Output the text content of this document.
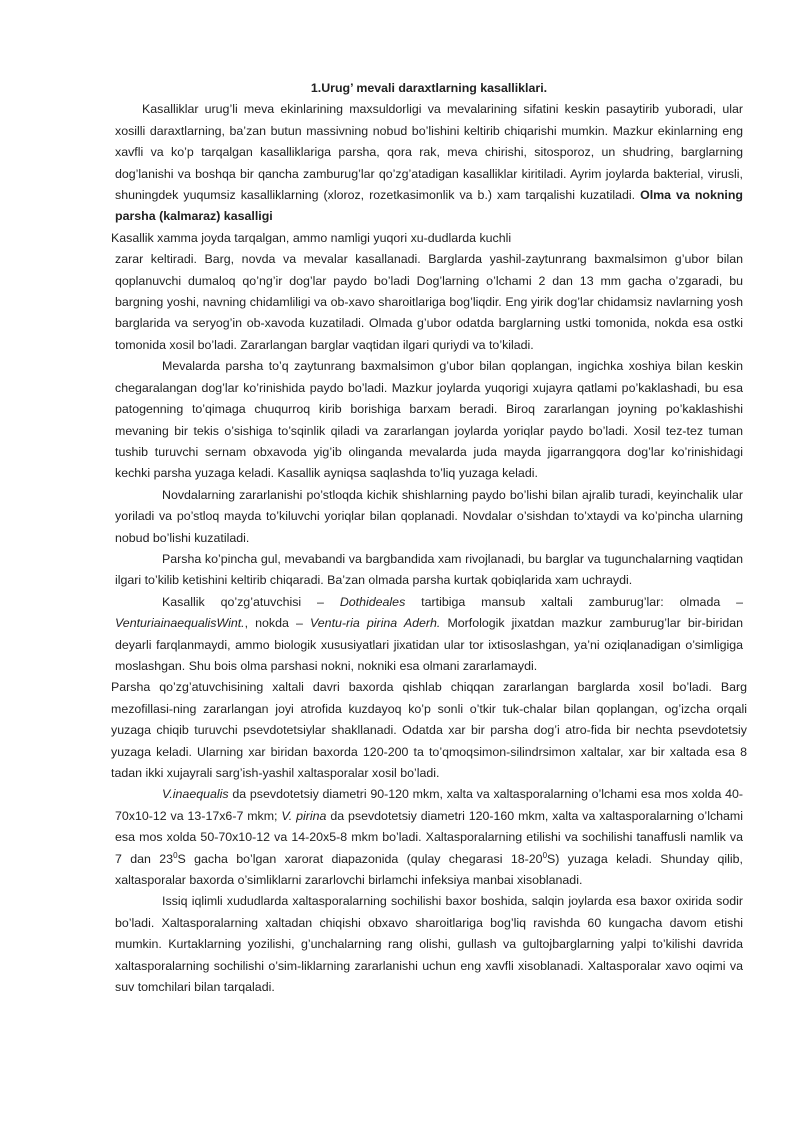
1.Urug’ mevali daraxtlarning kasalliklari.

Kasalliklar urug’li meva ekinlarining maxsuldorligi va mevalarining sifatini keskin pasaytirib yuboradi, ular xosilli daraxtlarning, ba’zan butun massivning nobud bo’lishini keltirib chiqarishi mumkin. Mazkur ekinlarning eng xavfli va ko’p tarqalgan kasalliklariga parsha, qora rak, meva chirishi, sitosporoz, un shudring, barglarning dog’lanishi va boshqa bir qancha zamburug’lar qo’zg’atadigan kasalliklar kiritiladi. Ayrim joylarda bakterial, virusli, shuningdek yuqumsiz kasalliklarning (xloroz, rozetkasimonlik va b.) xam tarqalishi kuzatiladi. Olma va nokning parsha (kalmaraz) kasalligi

Kasallik xamma joyda tarqalgan, ammo namligi yuqori xu-dudlarda kuchli

zarar keltiradi. Barg, novda va mevalar kasallanadi. Barglarda yashil-zaytunrang baxmalsimon g’ubor bilan qoplanuvchi dumaloq qo’ng’ir dog’lar paydo bo’ladi Dog’larning o’lchami 2 dan 13 mm gacha o’zgaradi, bu bargning yoshi, navning chidamliligi va ob-xavo sharoitlariga bog’liqdir. Eng yirik dog’lar chidamsiz navlarning yosh barglarida va seryog’in ob-xavoda kuzatiladi. Olmada g’ubor odatda barglarning ustki tomonida, nokda esa ostki tomonida xosil bo’ladi. Zararlangan barglar vaqtidan ilgari quriydi va to’kiladi.

Mevalarda parsha to’q zaytunrang baxmalsimon g’ubor bilan qoplangan, ingichka xoshiya bilan keskin chegaralangan dog’lar ko’rinishida paydo bo’ladi. Mazkur joylarda yuqorigi xujayra qatlami po’kaklashadi, bu esa patogenning to’qimaga chuqurroq kirib borishiga barxam beradi. Biroq zararlangan joyning po’kaklashishi mevaning bir tekis o’sishiga to’sqinlik qiladi va zararlangan joylarda yoriqlar paydo bo’ladi. Xosil tez-tez tuman tushib turuvchi sernam obxavoda yig’ib olinganda mevalarda juda mayda jigarrangqora dog’lar ko’rinishidagi kechki parsha yuzaga keladi. Kasallik ayniqsa saqlashda to’liq yuzaga keladi.

Novdalarning zararlanishi po’stloqda kichik shishlarning paydo bo’lishi bilan ajralib turadi, keyinchalik ular yoriladi va po’stloq mayda to’kiluvchi yoriqlar bilan qoplanadi. Novdalar o’sishdan to’xtaydi va ko’pincha ularning nobud bo’lishi kuzatiladi.

Parsha ko’pincha gul, mevabandi va bargbandida xam rivojlanadi, bu barglar va tugunchalarning vaqtidan ilgari to’kilib ketishini keltirib chiqaradi. Ba’zan olmada parsha kurtak qobiqlarida xam uchraydi.

Kasallik qo’zg’atuvchisi – Dothideales tartibiga mansub xaltali zamburug’lar: olmada – VenturiainaequalisWint., nokda – Ventu-ria pirina Aderh. Morfologik jixatdan mazkur zamburug’lar bir-biridan deyarli farqlanmaydi, ammo biologik xususiyatlari jixatidan ular tor ixtisoslashgan, ya’ni oziqlanadigan o’simligiga moslashgan. Shu bois olma parshasi nokni, nokniki esa olmani zararlamaydi.

Parsha qo’zg’atuvchisining xaltali davri baxorda qishlab chiqqan zararlangan barglarda xosil bo’ladi. Barg mezofillasi-ning zararlangan joyi atrofida kuzdayoq ko’p sonli o’tkir tuk-chalar bilan qoplangan, og’izcha orqali yuzaga chiqib turuvchi psevdotetsiylar shakllanadi. Odatda xar bir parsha dog’i atro-fida bir nechta psevdotetsiy yuzaga keladi. Ularning xar biridan baxorda 120-200 ta to’qmoqsimon-silindrsimon xaltalar, xar bir xaltada esa 8 tadan ikki xujayrali sarg’ish-yashil xaltasporalar xosil bo’ladi.

V.inaequalis da psevdotetsiy diametri 90-120 mkm, xalta va xaltasporalarning o’lchami esa mos xolda 40-70x10-12 va 13-17x6-7 mkm; V. pirina da psevdotetsiy diametri 120-160 mkm, xalta va xaltasporalarning o’lchami esa mos xolda 50-70x10-12 va 14-20x5-8 mkm bo’ladi. Xaltasporalarning etilishi va sochilishi tanaffusli namlik va 7 dan $23^0S$ gacha bo’lgan xarorat diapazonida (qulay chegarasi $18-20^0S$) yuzaga keladi. Shunday qilib, xaltasporalar baxorda o’simliklarni zararlovchi birlamchi infeksiya manbai xisoblanadi.

Issiq iqlimli xududlarda xaltasporalarning sochilishi baxor boshida, salqin joylarda esa baxor oxirida sodir bo’ladi. Xaltasporalarning xaltadan chiqishi obxavo sharoitlariga bog’liq ravishda 60 kungacha davom etishi mumkin. Kurtaklarning yozilishi, g’unchalarning rang olishi, gullash va gultojbarglarning yalpi to’kilishi davrida xaltasporalarning sochilishi o’sim-liklarning zararlanishi uchun eng xavfli xisoblanadi. Xaltasporalar xavo oqimi va suv tomchilari bilan tarqaladi.
